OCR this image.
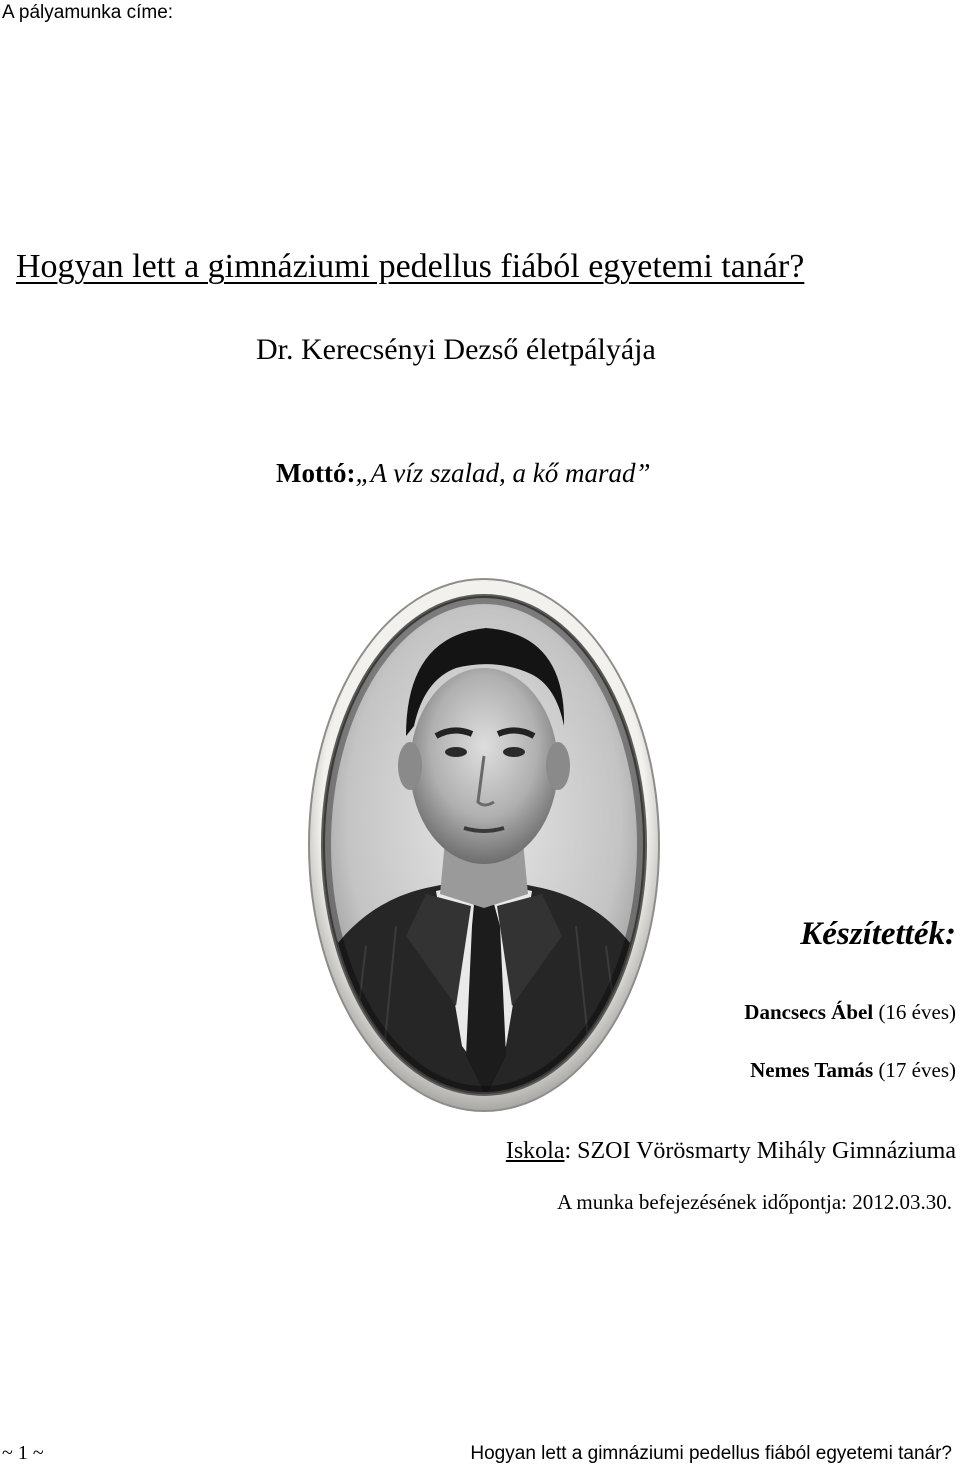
A pályamunka címe:
Hogyan lett a gimnáziumi pedellus fiából egyetemi tanár?
Dr. Kerecsényi Dezső életpályája
Mottó:„A víz szalad, a kő marad”
Készítették:
Dancsecs Ábel (16 éves)
Nemes Tamás (17 éves)
Iskola: SZOI Vörösmarty Mihály Gimnáziuma
A munka befejezésének időpontja: 2012.03.30.
~ 1 ~	Hogyan lett a gimnáziumi pedellus fiából egyetemi tanár?
